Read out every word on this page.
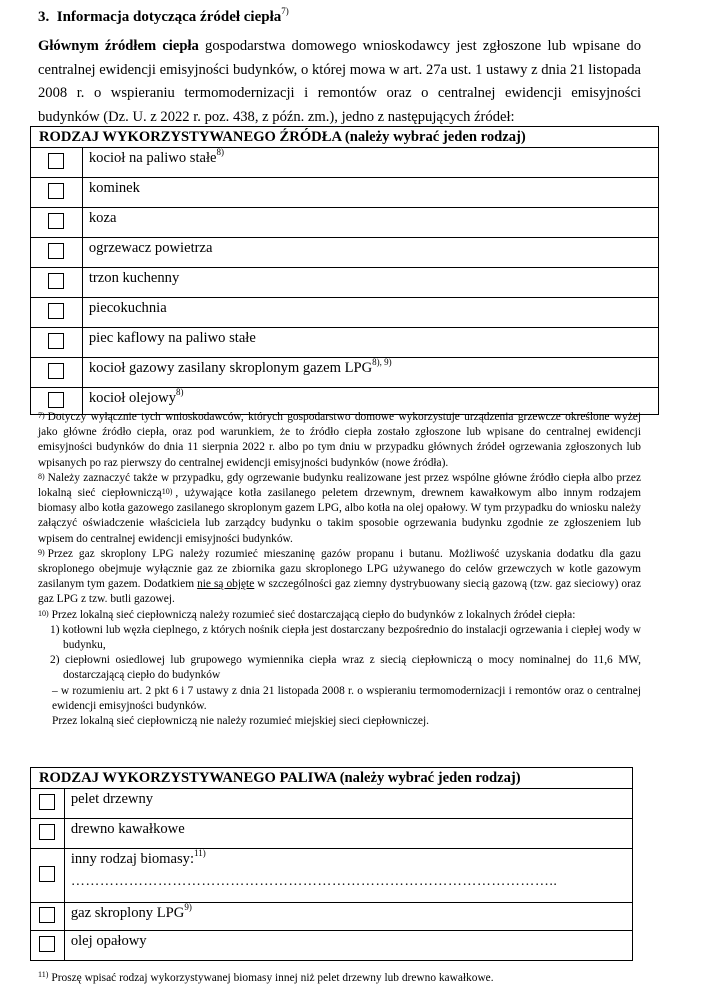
3. Informacja dotycząca źródeł ciepła$^{7)}$
Głównym źródłem ciepła gospodarstwa domowego wnioskodawcy jest zgłoszone lub wpisane do centralnej ewidencji emisyjności budynków, o której mowa w art. 27a ust. 1 ustawy z dnia 21 listopada 2008 r. o wspieraniu termomodernizacji i remontów oraz o centralnej ewidencji emisyjności budynków (Dz. U. z 2022 r. poz. 438, z późn. zm.), jedno z następujących źródeł:
RODZAJ WYKORZYSTYWANEGO ŹRÓDŁA (należy wybrać jeden rodzaj)	
	kocioł na paliwo stałe$^{8)}$
	kominek
	koza
	ogrzewacz powietrza
	trzon kuchenny
	piecokuchnia
	piec kaflowy na paliwo stałe
	kocioł gazowy zasilany skroplonym gazem $LPG^{8), 9)}$
	kocioł olejowy$^{8)}$

$^{7)}$ Dotyczy wyłącznie tych wnioskodawców, których gospodarstwo domowe wykorzystuje urządzenia grzewcze określone wyżej jako główne źródło ciepła, oraz pod warunkiem, że to źródło ciepła zostało zgłoszone lub wpisane do centralnej ewidencji emisyjności budynków do dnia 11 sierpnia 2022 r. albo po tym dniu w przypadku głównych źródeł ogrzewania zgłoszonych lub wpisanych po raz pierwszy do centralnej ewidencji emisyjności budynków (nowe źródła).

$^{8)}$ Należy zaznaczyć także w przypadku, gdy ogrzewanie budynku realizowane jest przez wspólne główne źródło ciepła albo przez lokalną sieć ciepłowniczą$^{10)}$ , używające kotła zasilanego peletem drzewnym, drewnem kawałkowym albo innym rodzajem biomasy albo kotła gazowego zasilanego skroplonym gazem LPG, albo kotła na olej opałowy. W tym przypadku do wniosku należy załączyć oświadczenie właściciela lub zarządcy budynku o takim sposobie ogrzewania budynku zgodnie ze zgłoszeniem lub wpisem do centralnej ewidencji emisyjności budynków.

$^{9)}$ Przez gaz skroplony LPG należy rozumieć mieszaninę gazów propanu i butanu. Możliwość uzyskania dodatku dla gazu skroplonego obejmuje wyłącznie gaz ze zbiornika gazu skroplonego LPG używanego do celów grzewczych w kotle gazowym zasilanym tym gazem. Dodatkiem nie są objęte w szczególności gaz ziemny dystrybuowany siecią gazową (tzw. gaz sieciowy) oraz gaz LPG z tzw. butli gazowej.

$^{10)}$ Przez lokalną sieć ciepłowniczą należy rozumieć sieć dostarczającą ciepło do budynków z lokalnych źródeł ciepła:

1) kotłowni lub węzła cieplnego, z których nośnik ciepła jest dostarczany bezpośrednio do instalacji ogrzewania i ciepłej wody w budynku,

2) ciepłowni osiedlowej lub grupowego wymiennika ciepła wraz z siecią ciepłowniczą o mocy nominalnej do 11,6 MW, dostarczającą ciepło do budynków

– w rozumieniu art. 2 pkt 6 i 7 ustawy z dnia 21 listopada 2008 r. o wspieraniu termomodernizacji i remontów oraz o centralnej ewidencji emisyjności budynków.

Przez lokalną sieć ciepłowniczą nie należy rozumieć miejskiej sieci ciepłowniczej.

RODZAJ WYKORZYSTYWANEGO PALIWA (należy wybrać jeden rodzaj)	
	pelet drzewny
	drewno kawałkowe
	inny rodzaj biomasy:$^{11)}$
………………………………………………………………………………………..

	gaz skroplony LPG$^{9)}$
	olej opałowy
$^{11)}$ Proszę wpisać rodzaj wykorzystywanej biomasy innej niż pelet drzewny lub drewno kawałkowe.
